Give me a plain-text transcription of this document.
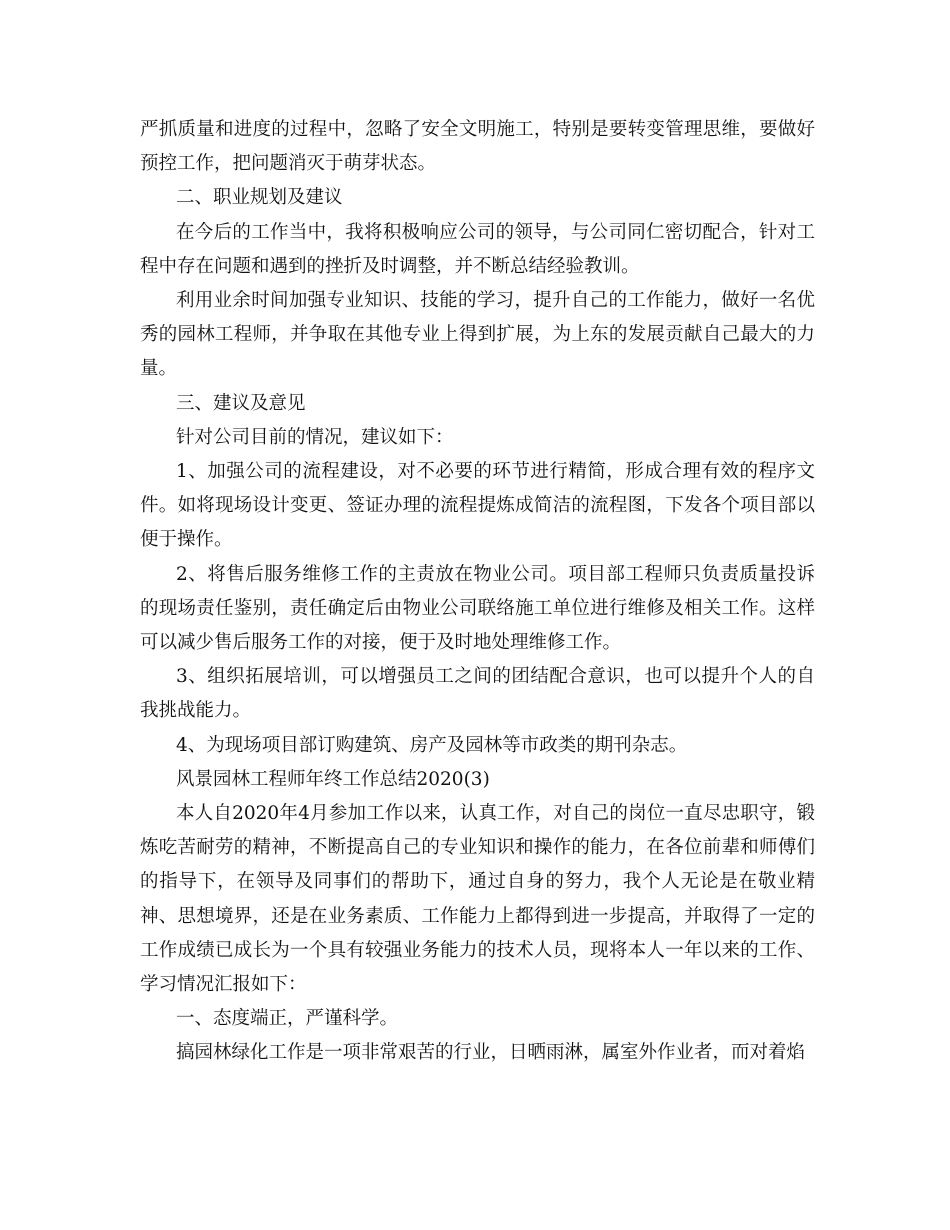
严抓质量和进度的过程中，忽略了安全文明施工，特别是要转变管理思维，要做好预控工作，把问题消灭于萌芽状态。

二、职业规划及建议

在今后的工作当中，我将积极响应公司的领导，与公司同仁密切配合，针对工程中存在问题和遇到的挫折及时调整，并不断总结经验教训。

利用业余时间加强专业知识、技能的学习，提升自己的工作能力，做好一名优秀的园林工程师，并争取在其他专业上得到扩展，为上东的发展贡献自己最大的力量。

三、建议及意见

针对公司目前的情况，建议如下：

1、加强公司的流程建设，对不必要的环节进行精简，形成合理有效的程序文件。如将现场设计变更、签证办理的流程提炼成简洁的流程图，下发各个项目部以便于操作。

2、将售后服务维修工作的主责放在物业公司。项目部工程师只负责质量投诉的现场责任鉴别，责任确定后由物业公司联络施工单位进行维修及相关工作。这样可以减少售后服务工作的对接，便于及时地处理维修工作。

3、组织拓展培训，可以增强员工之间的团结配合意识，也可以提升个人的自我挑战能力。

4、为现场项目部订购建筑、房产及园林等市政类的期刊杂志。

风景园林工程师年终工作总结2020(3)

本人自2020年4月参加工作以来，认真工作，对自己的岗位一直尽忠职守，锻炼吃苦耐劳的精神，不断提高自己的专业知识和操作的能力，在各位前辈和师傅们的指导下，在领导及同事们的帮助下，通过自身的努力，我个人无论是在敬业精神、思想境界，还是在业务素质、工作能力上都得到进一步提高，并取得了一定的工作成绩已成长为一个具有较强业务能力的技术人员，现将本人一年以来的工作、学习情况汇报如下：

一、态度端正，严谨科学。

搞园林绿化工作是一项非常艰苦的行业，日晒雨淋，属室外作业者，而对着焰
